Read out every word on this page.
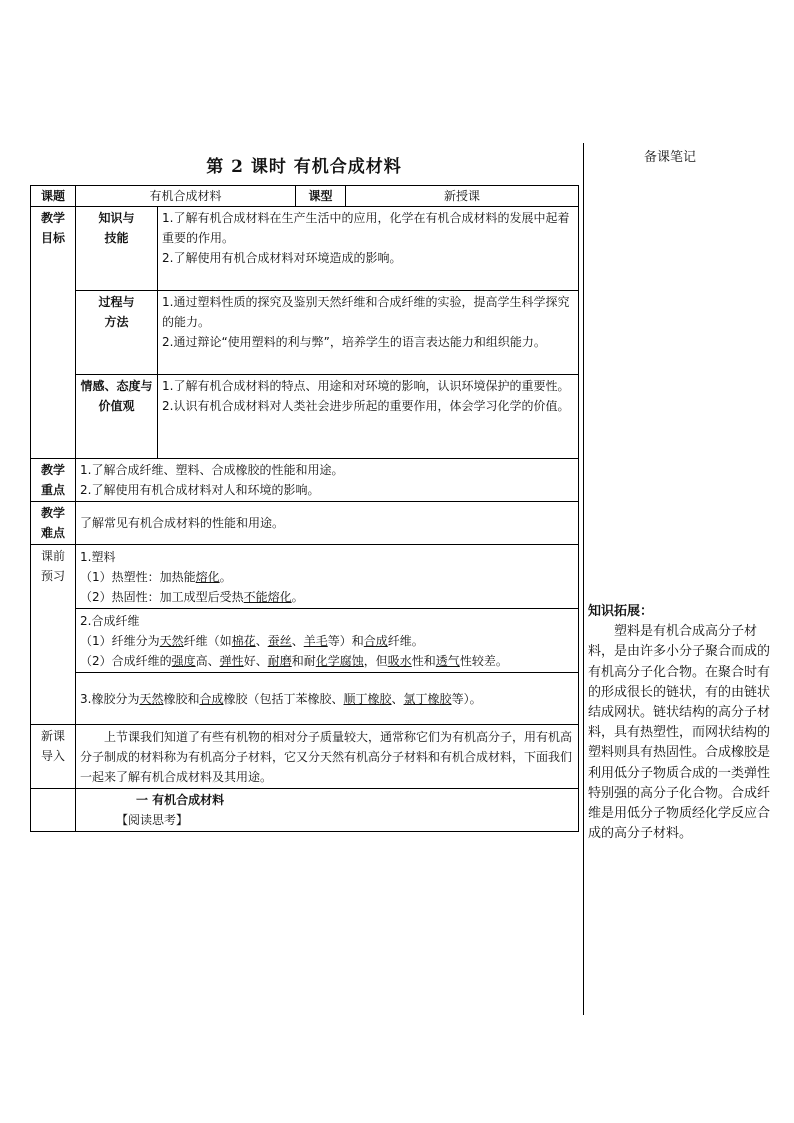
第 2 课时 有机合成材料	备课笔记
课题	有机合成材料		课型	新授课

教学目标	知识与技能	1.了解有机合成材料在生产生活中的应用，化学在有机合成材料的发展中起着重要的作用。
2.了解使用有机合成材料对环境造成的影响。		

	过程与方法	1.通过塑料性质的探究及鉴别天然纤维和合成纤维的实验，提高学生科学探究的能力。
2.通过辩论“使用塑料的利与弊”，培养学生的语言表达能力和组织能力。		

	情感、态度与价值观	1.了解有机合成材料的特点、用途和对环境的影响，认识环境保护的重要性。
2.认识有机合成材料对人类社会进步所起的重要作用，体会学习化学的价值。		

教学重点	1.了解合成纤维、塑料、合成橡胶的性能和用途。
2.了解使用有机合成材料对人和环境的影响。			

教学难点	了解常见有机合成材料的性能和用途。			

课前预习	1.塑料
（1）热塑性：加热能熔化。
（2）热固性：加工成型后受热不能熔化。			

	2.合成纤维
（1）纤维分为天然纤维（如棉花、蚕丝、羊毛等）和合成纤维。
（2）合成纤维的强度高、弹性好、耐磨和耐化学腐蚀，但吸水性和透气性较差。			

	3.橡胶分为天然橡胶和合成橡胶（包括丁苯橡胶、顺丁橡胶、氯丁橡胶等）。			

新课导入	上节课我们知道了有些有机物的相对分子质量较大，通常称它们为有机高分子，用有机高分子制成的材料称为有机高分子材料，它又分天然有机高分子材料和有机合成材料，下面我们一起来了解有机合成材料及其用途。			

	一 有机合成材料
【阅读思考】			
知识拓展：
塑料是有机合成高分子材料，是由许多小分子聚合而成的有机高分子化合物。在聚合时有的形成很长的链状，有的由链状结成网状。链状结构的高分子材料，具有热塑性，而网状结构的塑料则具有热固性。合成橡胶是利用低分子物质合成的一类弹性特别强的高分子化合物。合成纤维是用低分子物质经化学反应合成的高分子材料。
